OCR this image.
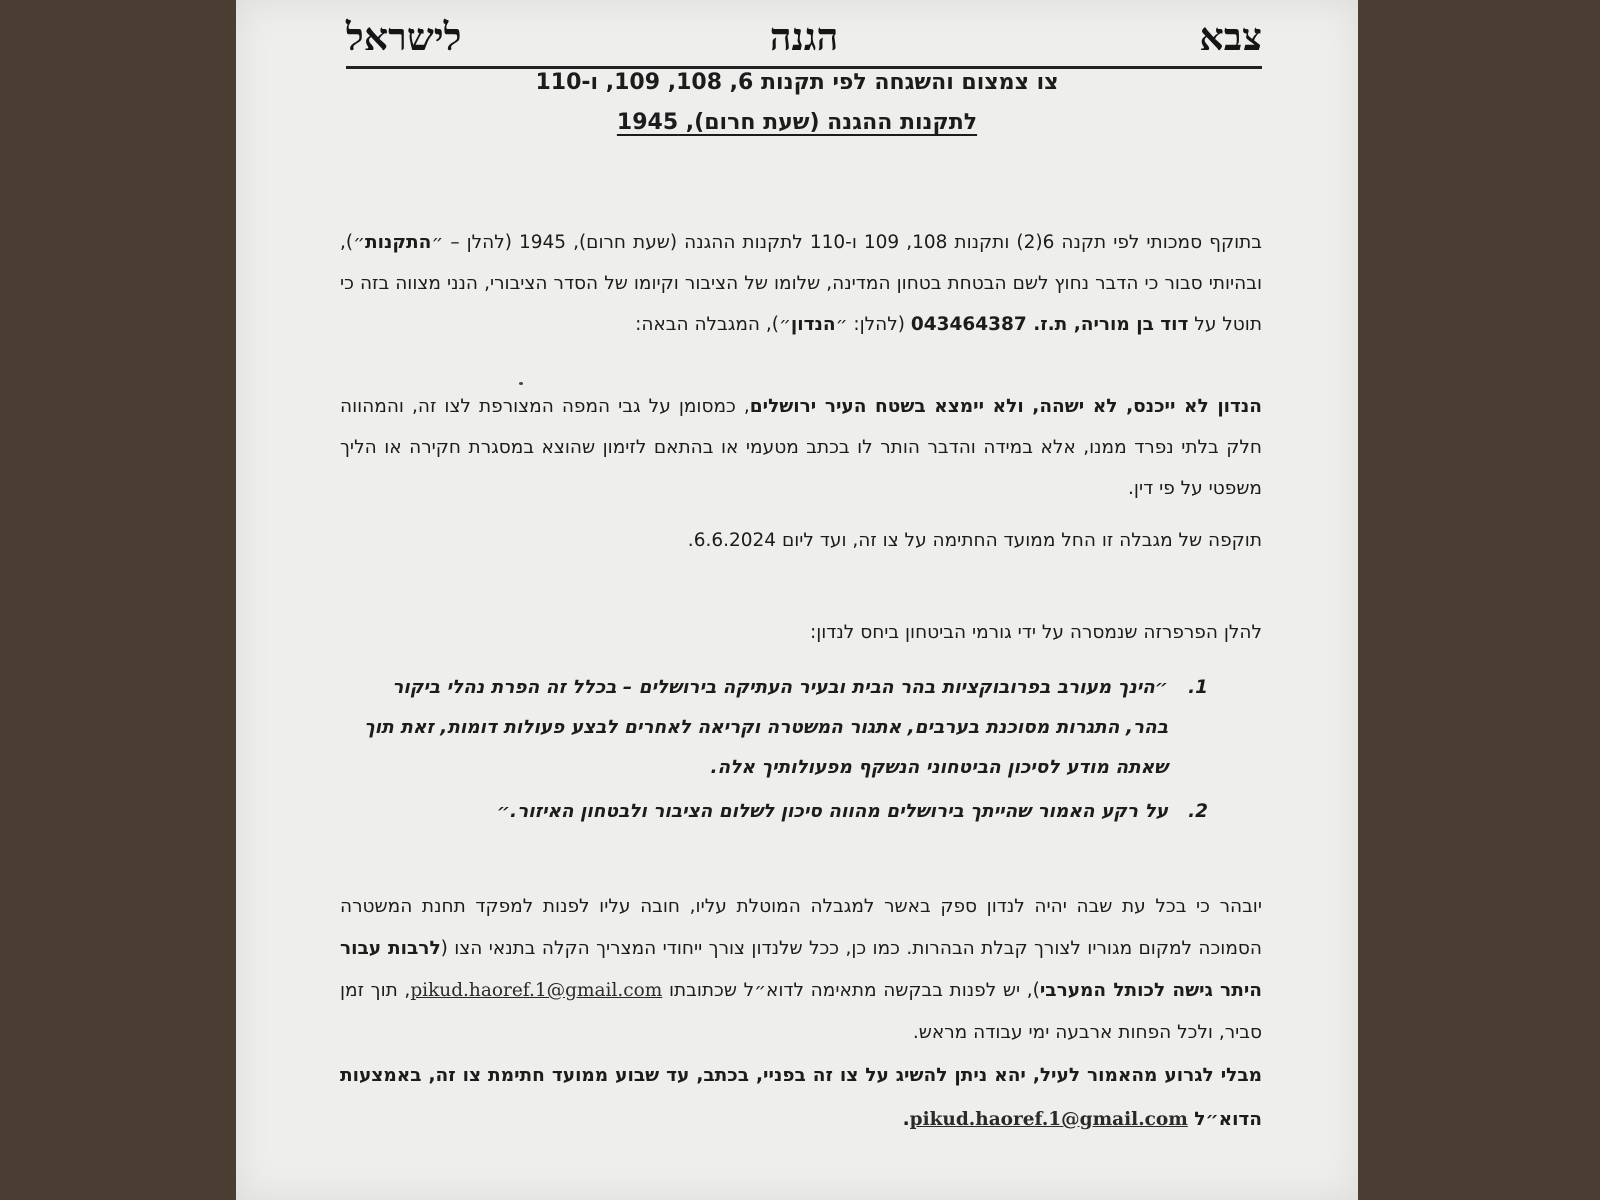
צבא
הגנה
לישראל
צו צמצום והשגחה לפי תקנות 6, 108, 109, ו-110
לתקנות ההגנה (שעת חרום), 1945
בתוקף סמכותי לפי תקנה 6(2) ותקנות 108, 109 ו-110 לתקנות ההגנה (שעת חרום), 1945 (להלן – ״התקנות״), ובהיותי סבור כי הדבר נחוץ לשם הבטחת בטחון המדינה, שלומו של הציבור וקיומו של הסדר הציבורי, הנני מצווה בזה כי תוטל על דוד בן מוריה, ת.ז. 043464387 (להלן: ״הנדון״), המגבלה הבאה:
הנדון לא ייכנס, לא ישהה, ולא יימצא בשטח העיר ירושלים, כמסומן על גבי המפה המצורפת לצו זה, והמהווה חלק בלתי נפרד ממנו, אלא במידה והדבר הותר לו בכתב מטעמי או בהתאם לזימון שהוצא במסגרת חקירה או הליך משפטי על פי דין.
תוקפה של מגבלה זו החל ממועד החתימה על צו זה, ועד ליום 6.6.2024.
להלן הפרפרזה שנמסרה על ידי גורמי הביטחון ביחס לנדון:
1.
״הינך מעורב בפרובוקציות בהר הבית ובעיר העתיקה בירושלים – בכלל זה הפרת נהלי ביקור בהר, התגרות מסוכנת בערבים, אתגור המשטרה וקריאה לאחרים לבצע פעולות דומות, זאת תוך שאתה מודע לסיכון הביטחוני הנשקף מפעולותיך אלה.
2.
על רקע האמור שהייתך בירושלים מהווה סיכון לשלום הציבור ולבטחון האיזור.״
יובהר כי בכל עת שבה יהיה לנדון ספק באשר למגבלה המוטלת עליו, חובה עליו לפנות למפקד תחנת המשטרה הסמוכה למקום מגוריו לצורך קבלת הבהרות. כמו כן, ככל שלנדון צורך ייחודי המצריך הקלה בתנאי הצו (לרבות עבור היתר גישה לכותל המערבי), יש לפנות בבקשה מתאימה לדוא״ל שכתובתו pikud.haoref.1@gmail.com, תוך זמן סביר, ולכל הפחות ארבעה ימי עבודה מראש.
מבלי לגרוע מהאמור לעיל, יהא ניתן להשיג על צו זה בפניי, בכתב, עד שבוע ממועד חתימת צו זה, באמצעות הדוא״ל pikud.haoref.1@gmail.com.
